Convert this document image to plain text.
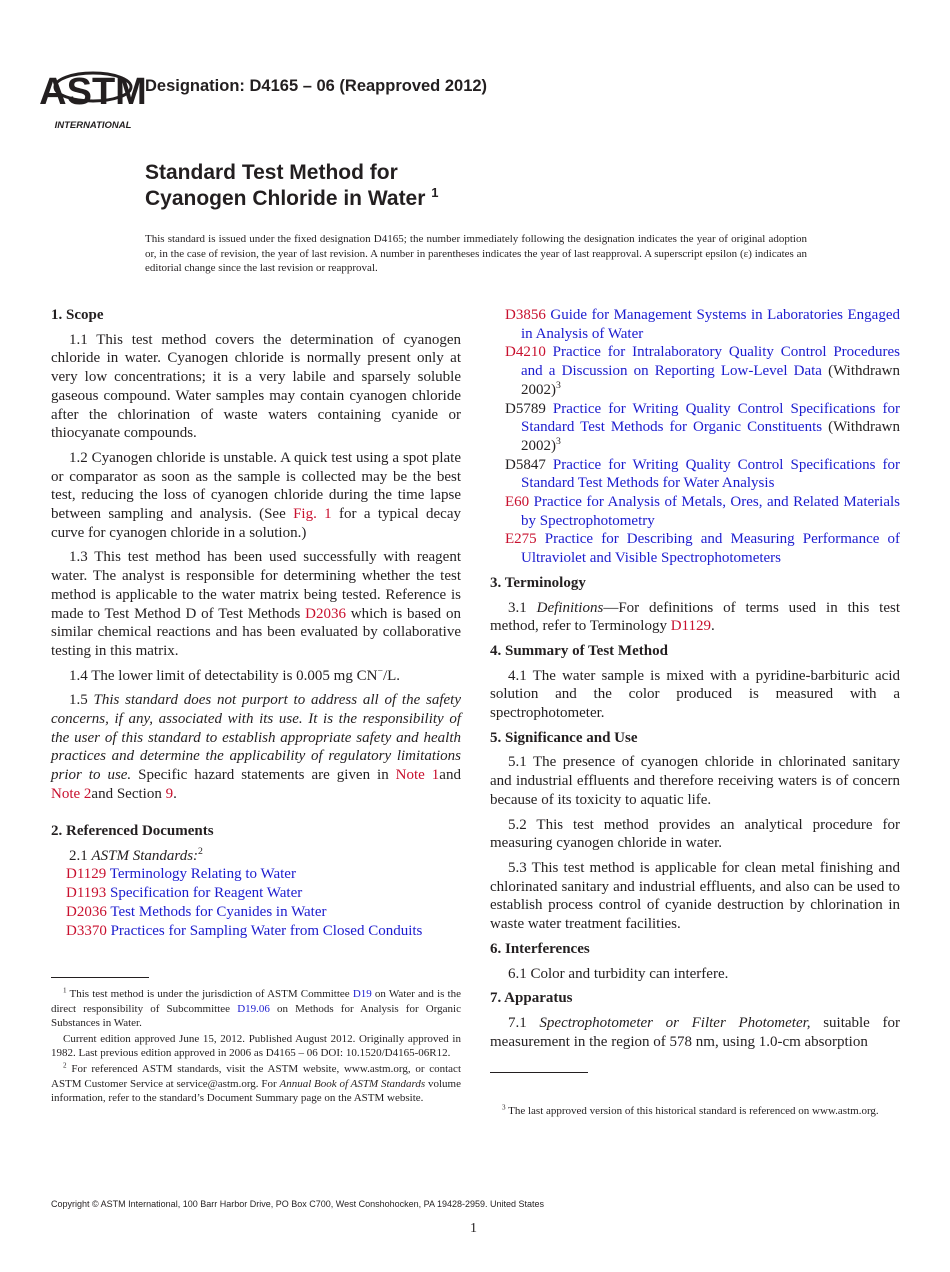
ASTM
INTERNATIONAL
Designation: D4165 – 06 (Reapproved 2012)
Standard Test Method for
Cyanogen Chloride in Water $^1$
This standard is issued under the fixed designation D4165; the number immediately following the designation indicates the year of original adoption or, in the case of revision, the year of last revision. A number in parentheses indicates the year of last reapproval. A superscript epsilon (ε) indicates an editorial change since the last revision or reapproval.
1. Scope
1.1 This test method covers the determination of cyanogen chloride in water. Cyanogen chloride is normally present only at very low concentrations; it is a very labile and sparsely soluble gaseous compound. Water samples may contain cyanogen chloride after the chlorination of waste waters containing cyanide or thiocyanate compounds.
1.2 Cyanogen chloride is unstable. A quick test using a spot plate or comparator as soon as the sample is collected may be the best test, reducing the loss of cyanogen chloride during the time lapse between sampling and analysis. (See Fig. 1 for a typical decay curve for cyanogen chloride in a solution.)
1.3 This test method has been used successfully with reagent water. The analyst is responsible for determining whether the test method is applicable to the water matrix being tested. Reference is made to Test Method D of Test Methods D2036 which is based on similar chemical reactions and has been evaluated by collaborative testing in this matrix.
1.4 The lower limit of detectability is 0.005 mg CN−/L.
1.5 This standard does not purport to address all of the safety concerns, if any, associated with its use. It is the responsibility of the user of this standard to establish appropriate safety and health practices and determine the applicability of regulatory limitations prior to use. Specific hazard statements are given in Note 1and Note 2and Section 9.
2. Referenced Documents
2.1 ASTM Standards:$^2$
D1129 Terminology Relating to Water
D1193 Specification for Reagent Water
D2036 Test Methods for Cyanides in Water
D3370 Practices for Sampling Water from Closed Conduits
$^1$ This test method is under the jurisdiction of ASTM Committee D19 on Water and is the direct responsibility of Subcommittee D19.06 on Methods for Analysis for Organic Substances in Water.
Current edition approved June 15, 2012. Published August 2012. Originally approved in 1982. Last previous edition approved in 2006 as D4165 – 06 DOI: 10.1520/D4165-06R12.
$^2$ For referenced ASTM standards, visit the ASTM website, www.astm.org, or contact ASTM Customer Service at service@astm.org. For Annual Book of ASTM Standards volume information, refer to the standard’s Document Summary page on the ASTM website.
D3856 Guide for Management Systems in Laboratories Engaged in Analysis of Water
D4210 Practice for Intralaboratory Quality Control Procedures and a Discussion on Reporting Low-Level Data (Withdrawn 2002)$^3$
D5789 Practice for Writing Quality Control Specifications for Standard Test Methods for Organic Constituents (Withdrawn 2002)$^3$
D5847 Practice for Writing Quality Control Specifications for Standard Test Methods for Water Analysis
E60 Practice for Analysis of Metals, Ores, and Related Materials by Spectrophotometry
E275 Practice for Describing and Measuring Performance of Ultraviolet and Visible Spectrophotometers
3. Terminology
3.1 Definitions—For definitions of terms used in this test method, refer to Terminology D1129.
4. Summary of Test Method
4.1 The water sample is mixed with a pyridine-barbituric acid solution and the color produced is measured with a spectrophotometer.
5. Significance and Use
5.1 The presence of cyanogen chloride in chlorinated sanitary and industrial effluents and therefore receiving waters is of concern because of its toxicity to aquatic life.
5.2 This test method provides an analytical procedure for measuring cyanogen chloride in water.
5.3 This test method is applicable for clean metal finishing and chlorinated sanitary and industrial effluents, and also can be used to establish process control of cyanide destruction by chlorination in waste water treatment facilities.
6. Interferences
6.1 Color and turbidity can interfere.
7. Apparatus
7.1 Spectrophotometer or Filter Photometer, suitable for measurement in the region of 578 nm, using 1.0-cm absorption
$^3$ The last approved version of this historical standard is referenced on www.astm.org.
Copyright © ASTM International, 100 Barr Harbor Drive, PO Box C700, West Conshohocken, PA 19428-2959. United States
1
